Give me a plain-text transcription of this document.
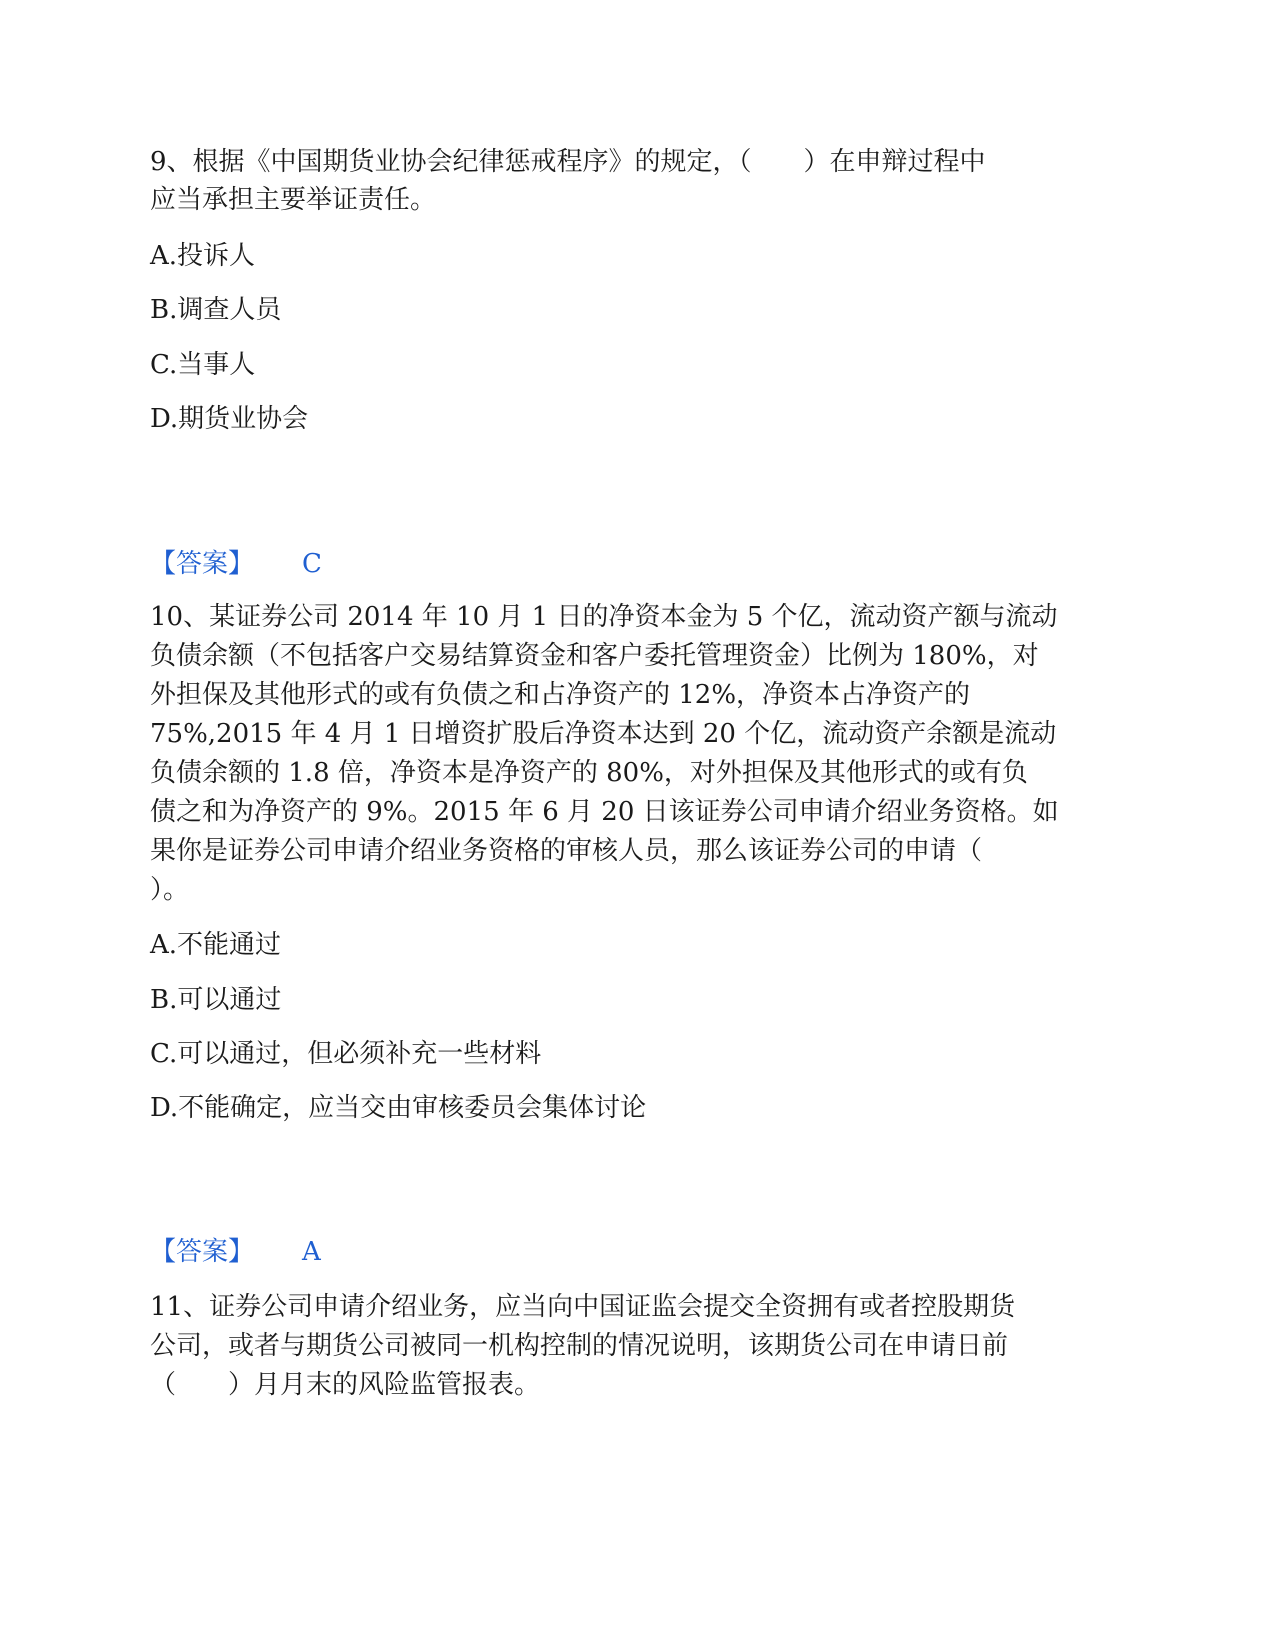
9、根据《中国期货业协会纪律惩戒程序》的规定，（　　）在申辩过程中
应当承担主要举证责任。
A.投诉人
B.调查人员
C.当事人
D.期货业协会
【答案】 C
10、某证券公司 2014 年 10 月 1 日的净资本金为 5 个亿，流动资产额与流动
负债余额（不包括客户交易结算资金和客户委托管理资金）比例为 180%，对
外担保及其他形式的或有负债之和占净资产的 12%，净资本占净资产的
75%,2015 年 4 月 1 日增资扩股后净资本达到 20 个亿，流动资产余额是流动
负债余额的 1.8 倍，净资本是净资产的 80%，对外担保及其他形式的或有负
债之和为净资产的 9%。2015 年 6 月 20 日该证券公司申请介绍业务资格。如
果你是证券公司申请介绍业务资格的审核人员，那么该证券公司的申请（
）。
A.不能通过
B.可以通过
C.可以通过，但必须补充一些材料
D.不能确定，应当交由审核委员会集体讨论
【答案】 A
11、证券公司申请介绍业务，应当向中国证监会提交全资拥有或者控股期货
公司，或者与期货公司被同一机构控制的情况说明，该期货公司在申请日前
（　　）月月末的风险监管报表。
